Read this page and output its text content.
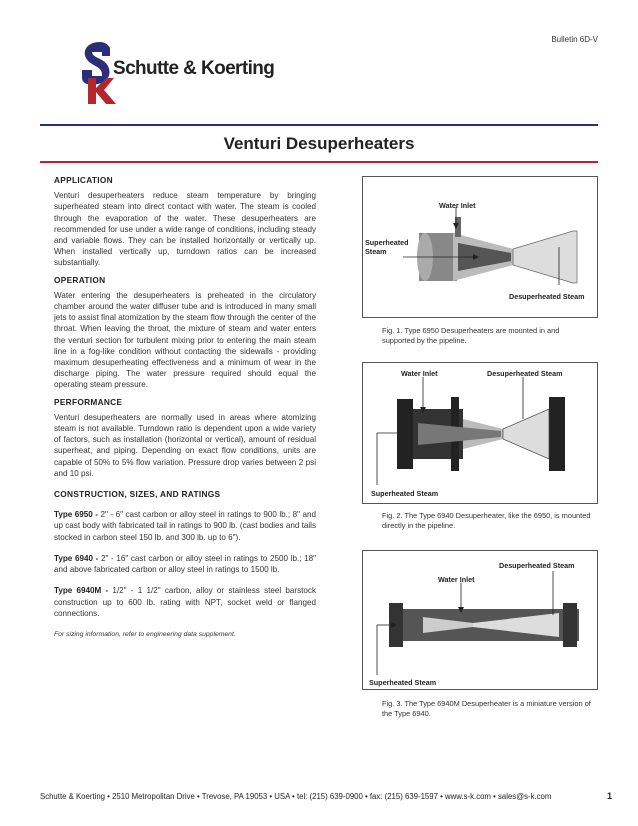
Bulletin 6D-V
Schutte & Koerting
Venturi Desuperheaters
APPLICATION

Venturi desuperheaters reduce steam temperature by bringing superheated steam into direct contact with water. The steam is cooled through the evaporation of the water. These desuperheaters are recommended for use under a wide range of conditions, including steady and variable flows. They can be installed horizontally or vertically up. When installed vertically up, turndown ratios can be increased substantially.

OPERATION

Water entering the desuperheaters is preheated in the circulatory chamber around the water diffuser tube and is introduced in many small jets to assist final atomization by the steam flow through the center of the throat. When leaving the throat, the mixture of steam and water enters the venturi section for turbulent mixing prior to entering the main steam line in a fog-like condition without contacting the sidewalls - providing maximum desuperheating effectiveness and a minimum of wear in the discharge piping. The water pressure required should equal the operating steam pressure.

PERFORMANCE

Venturi desuperheaters are normally used in areas where atomizing steam is not available. Turndown ratio is dependent upon a wide variety of factors, such as installation (horizontal or vertical), amount of residual superheat, and piping. Depending on exact flow conditions, units are capable of 50% to 5% flow variation. Pressure drop varies between 2 psi and 10 psi.

CONSTRUCTION, SIZES, AND RATINGS

Type 6950 - 2" - 6" cast carbon or alloy steel in ratings to 900 lb.; 8" and up cast body with fabricated tail in ratings to 900 lb. (cast bodies and tails stocked in carbon steel 150 lb. and 300 lb. up to 6").

Type 6940 - 2" - 16" cast carbon or alloy steel in ratings to 2500 lb.; 18" and above fabricated carbon or alloy steel in ratings to 1500 lb.

Type 6940M - 1/2" - 1 1/2" carbon, alloy or stainless steel barstock construction up to 600 lb. rating with NPT, socket weld or flanged connections.

For sizing information, refer to engineering data supplement.
Water Inlet
Superheated
Steam
Desuperheated Steam
Fig. 1. Type 6950 Desuperheaters are mounted in and supported by the pipeline.
Water Inlet	Desuperheated Steam
Superheated Steam
Fig. 2. The Type 6940 Desuperheater, like the 6950, is mounted directly in the pipeline.
Water Inlet
Desuperheated Steam
Superheated Steam
Fig. 3. The Type 6940M Desuperheater is a miniature version of the Type 6940.
Schutte & Koerting • 2510 Metropolitan Drive • Trevose, PA 19053 • USA • tel: (215) 639-0900 • fax: (215) 639-1597 • www.s-k.com • sales@s-k.com	1
